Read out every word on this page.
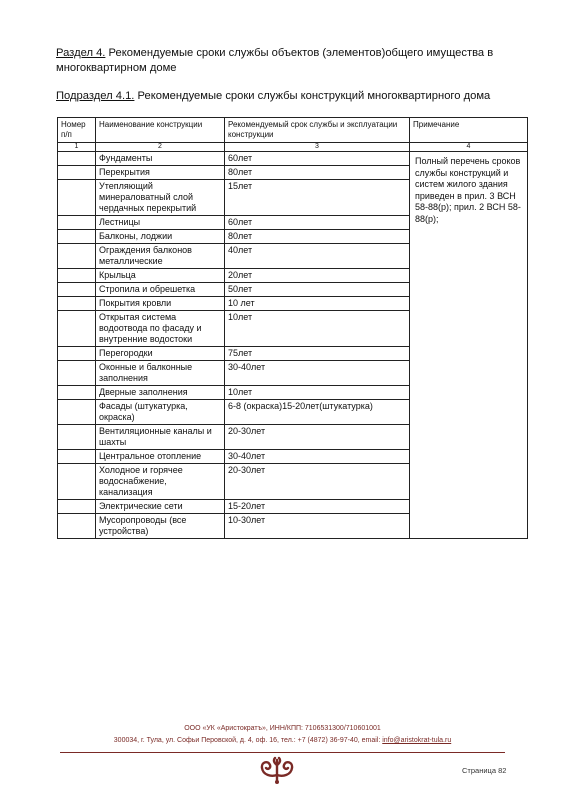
Раздел 4. Рекомендуемые сроки службы объектов (элементов)общего имущества в многоквартирном доме
Подраздел 4.1. Рекомендуемые сроки службы конструкций многоквартирного дома
Номер п/п	Наименование конструкции	Рекомендуемый срок службы и эксплуатации конструкции	Примечание
1	2	3	4
	Фундаменты	60лет	Полный перечень сроков службы конструкций и систем жилого здания приведен в прил. 3 ВСН 58-88(р); прил. 2 ВСН 58-88(р);
	Перекрытия	80лет	
	Утепляющий минераловатный слой чердачных перекрытий	15лет	
	Лестницы	60лет	
	Балконы, лоджии	80лет	
	Ограждения балконов металлические	40лет	
	Крыльца	20лет	
	Стропила и обрешетка	50лет	
	Покрытия кровли	10 лет	
	Открытая система водоотвода по фасаду и внутренние водостоки	10лет	
	Перегородки	75лет	
	Оконные и балконные заполнения	30-40лет	
	Дверные заполнения	10лет	
	Фасады (штукатурка, окраска)	6-8 (окраска)15-20лет(штукатурка)	
	Вентиляционные каналы и шахты	20-30лет	
	Центральное отопление	30-40лет	
	Холодное и горячее водоснабжение, канализация	20-30лет	
	Электрические сети	15-20лет	
	Мусоропроводы (все устройства)	10-30лет	
ООО «УК «Аристократъ», ИНН/КПП: 7106531300/710601001
300034, г. Тула, ул. Софьи Перовской, д. 4, оф. 16, тел.: +7 (4872) 36-97-40, email: info@aristokrat-tula.ru
Страница 82
